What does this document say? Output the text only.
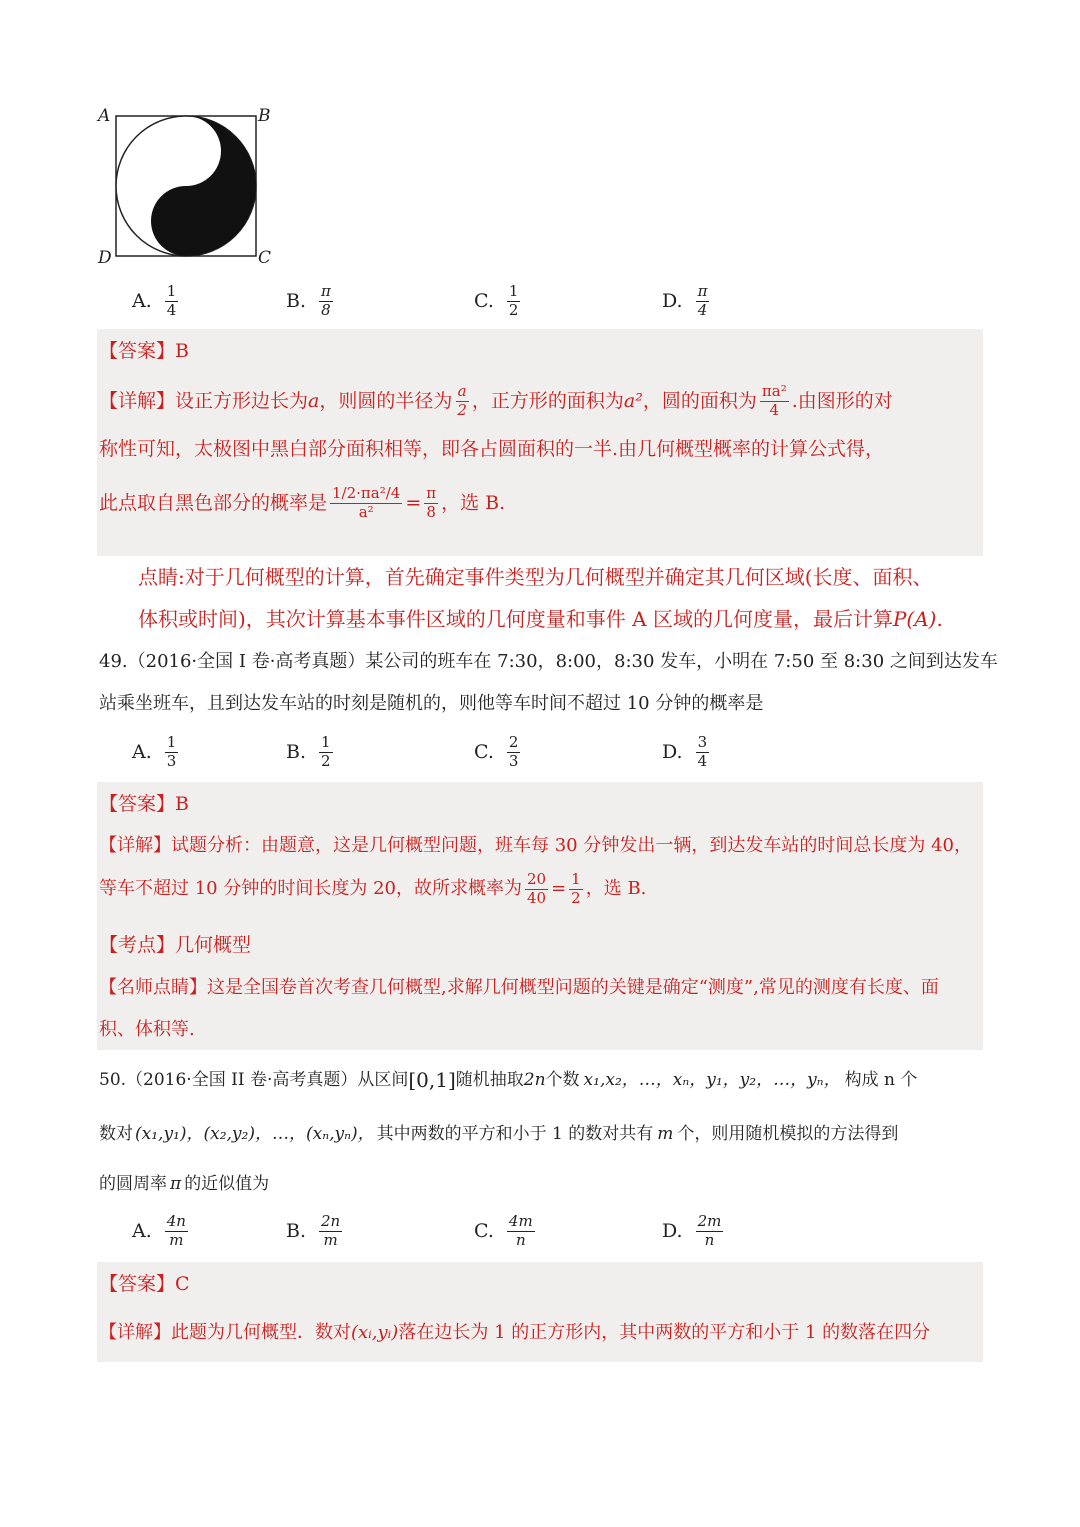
A	B
C
D
A. $\frac{1}{4}$	B. $\frac{\pi}{8}$	C. $\frac{1}{2}$	D. $\frac{\pi}{4}$
【答案】B
【详解】设正方形边长为 a ，则圆的半径为 $\frac{a}{2}$ ，正方形的面积为 a² ，圆的面积为 $\frac{\text{πa²}}{4}$ .由图形的对
称性可知，太极图中黑白部分面积相等，即各占圆面积的一半.由几何概型概率的计算公式得，
此点取自黑色部分的概率是 $\frac{\text{1/2·πa²/4}}{\text{a²}} = \frac{\pi}{8}$ ，选 B.
点睛:对于几何概型的计算，首先确定事件类型为几何概型并确定其几何区域(长度、面积、
体积或时间)，其次计算基本事件区域的几何度量和事件 A 区域的几何度量，最后计算P(A).
49.（2016·全国 I 卷·高考真题）某公司的班车在 7:30，8:00，8:30 发车，小明在 7:50 至 8:30 之间到达发车
站乘坐班车，且到达发车站的时刻是随机的，则他等车时间不超过 10 分钟的概率是
A. $\frac{1}{3}$	B. $\frac{1}{2}$	C. $\frac{2}{3}$	D. $\frac{3}{4}$
【答案】B
【详解】试题分析：由题意，这是几何概型问题，班车每 30 分钟发出一辆，到达发车站的时间总长度为 40，
等车不超过 10 分钟的时间长度为 20，故所求概率为 $\frac{20}{40} = \frac{1}{2}$ ，选 B.
【考点】几何概型
【名师点睛】这是全国卷首次考查几何概型,求解几何概型问题的关键是确定“测度”,常见的测度有长度、面
积、体积等.
50.（2016·全国 II 卷·高考真题）从区间 [0,1] 随机抽取 2n 个数 x₁,x₂，…，xₙ，y₁，y₂，…，yₙ， 构成 n 个
数对 (x₁,y₁)，(x₂,y₂)，…，(xₙ,yₙ)， 其中两数的平方和小于 1 的数对共有 m 个，则用随机模拟的方法得到
的圆周率 π 的近似值为
A. $\frac{4n}{m}$	B. $\frac{2n}{m}$	C. $\frac{4m}{n}$	D. $\frac{2m}{n}$
【答案】C
【详解】此题为几何概型．数对(xᵢ,yᵢ)落在边长为 1 的正方形内，其中两数的平方和小于 1 的数落在四分
